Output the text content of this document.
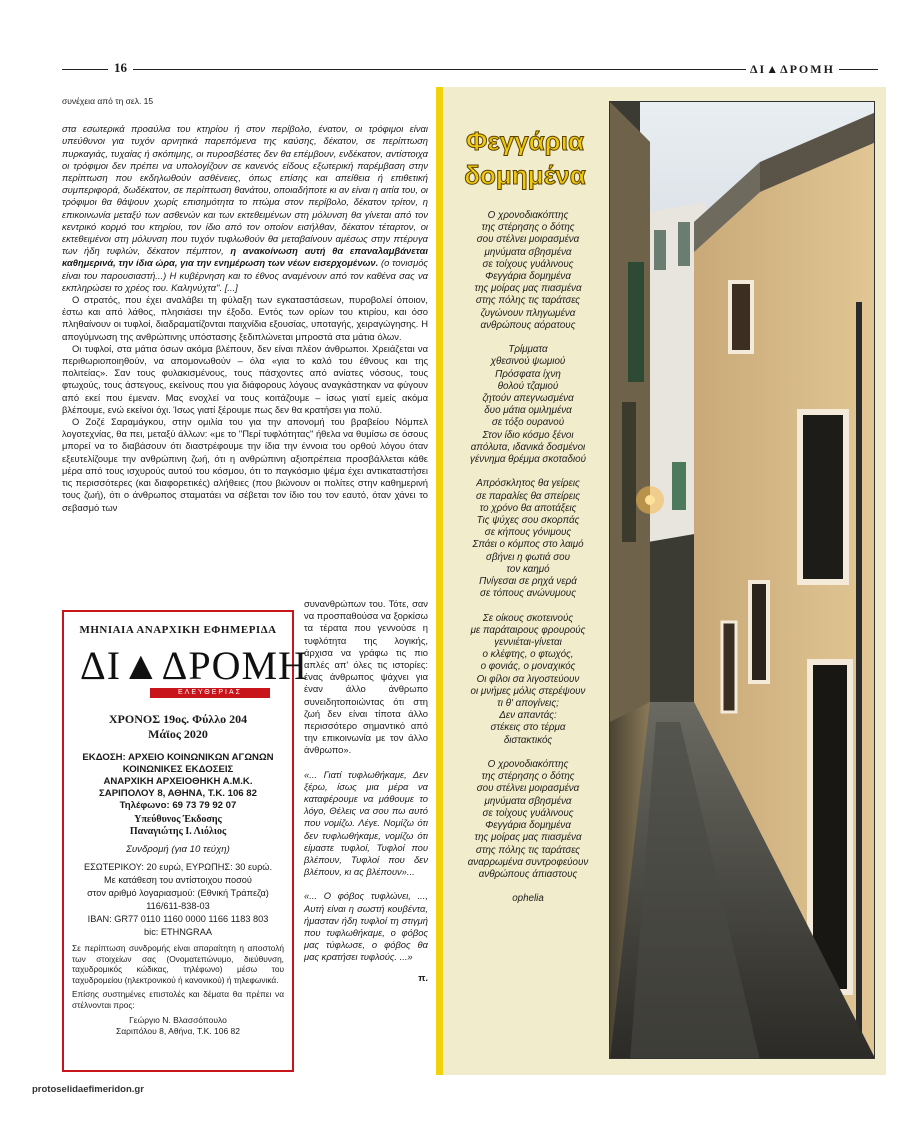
16	ΔΙ▲ΔΡΟΜΗ

συνέχεια από τη σελ. 15

στα εσωτερικά προαύλια του κτηρίου ή στον περίβολο, ένατον, οι τρόφιμοι είναι υπεύθυνοι για τυχόν αρνητικά παρεπόμενα της καύσης, δέκατον, σε περίπτωση πυρκαγιάς, τυχαίας ή σκόπιμης, οι πυροσβέστες δεν θα επέμβουν, ενδέκατον, αντίστοιχα οι τρόφιμοι δεν πρέπει να υπολογίζουν σε κανενός είδους εξωτερική παρέμβαση στην περίπτωση που εκδηλωθούν ασθένειες, όπως επίσης και απείθεια ή επιθετική συμπεριφορά, δωδέκατον, σε περίπτωση θανάτου, οποιαδήποτε κι αν είναι η αιτία του, οι τρόφιμοι θα θάψουν χωρίς επισημότητα το πτώμα στον περίβολο, δέκατον τρίτον, η επικοινωνία μεταξύ των ασθενών και των εκτεθειμένων στη μόλυνση θα γίνεται από τον κεντρικό κορμό του κτηρίου, τον ίδιο από τον οποίον εισήλθαν, δέκατον τέταρτον, οι εκτεθειμένοι στη μόλυνση που τυχόν τυφλωθούν θα μεταβαίνουν αμέσως στην πτέρυγα των ήδη τυφλών, δέκατον πέμπτον, η ανακοίνωση αυτή θα επαναλαμβάνεται καθημερινά, την ίδια ώρα, για την ενημέρωση των νέων εισερχομένων. (ο τονισμός είναι του παρουσιαστή...) Η κυβέρνηση και το έθνος αναμένουν από τον καθένα σας να εκπληρώσει το χρέος του. Καληνύχτα". [...]

Ο στρατός, που έχει αναλάβει τη φύλαξη των εγκαταστάσεων, πυροβολεί όποιον, έστω και από λάθος, πλησιάσει την έξοδο. Εντός των ορίων του κτιρίου, και όσο πληθαίνουν οι τυφλοί, διαδραματίζονται παιχνίδια εξουσίας, υποταγής, χειραγώγησης. Η απογύμνωση της ανθρώπινης υπόστασης ξεδιπλώνεται μπροστά στα μάτια όλων.

Οι τυφλοί, στα μάτια όσων ακόμα βλέπουν, δεν είναι πλέον άνθρωποι. Χρειάζεται να περιθωριοποιηθούν, να απομονωθούν – όλα «για το καλό του έθνους και της πολιτείας». Σαν τους φυλακισμένους, τους πάσχοντες από ανίατες νόσους, τους φτωχούς, τους άστεγους, εκείνους που για διάφορους λόγους αναγκάστηκαν να φύγουν από εκεί που έμεναν. Μας ενοχλεί να τους κοιτάζουμε – ίσως γιατί εμείς ακόμα βλέπουμε, ενώ εκείνοι όχι. Ίσως γιατί ξέρουμε πως δεν θα κρατήσει για πολύ.

Ο Ζοζέ Σαραμάγκου, στην ομιλία του για την απονομή του βραβείου Νόμπελ λογοτεχνίας, θα πει, μεταξύ άλλων: «με το "Περί τυφλότητας" ήθελα να θυμίσω σε όσους μπορεί να το διαβάσουν ότι διαστρέφουμε την ίδια την έννοια του ορθού λόγου όταν εξευτελίζουμε την ανθρώπινη ζωή, ότι η ανθρώπινη αξιοπρέπεια προσβάλλεται κάθε μέρα από τους ισχυρούς αυτού του κόσμου, ότι το παγκόσμιο ψέμα έχει αντικαταστήσει τις περισσότερες (και διαφορετικές) αλήθειες (που βιώνουν οι πολίτες στην καθημερινή τους ζωή), ότι ο άνθρωπος σταματάει να σέβεται τον ίδιο του τον εαυτό, όταν χάνει το σεβασμό των

συνανθρώπων του. Τότε, σαν να προσπαθούσα να ξορκίσω τα τέρατα που γεννούσε η τυφλότητα της λογικής, άρχισα να γράφω τις πιο απλές απ' όλες τις ιστορίες: ένας άνθρωπος ψάχνει για έναν άλλο άνθρωπο συνειδητοποιώντας ότι στη ζωή δεν είναι τίποτα άλλο περισσότερο σημαντικό από την επικοινωνία με τον άλλο άνθρωπο».

«... Γιατί τυφλωθήκαμε, Δεν ξέρω, ίσως μια μέρα να καταφέρουμε να μάθουμε το λόγο, Θέλεις να σου πω αυτό που νομίζω. Λέγε. Νομίζω ότι δεν τυφλωθήκαμε, νομίζω ότι είμαστε τυφλοί, Τυφλοί που βλέπουν, Τυφλοί που δεν βλέπουν, κι ας βλέπουν»...

«... Ο φόβος τυφλώνει, ..., Αυτή είναι η σωστή κουβέντα, ήμασταν ήδη τυφλοί τη στιγμή που τυφλωθήκαμε, ο φόβος μας τύφλωσε, ο φόβος θα μας κρατήσει τυφλούς. ...»

π.

ΜΗΝΙΑΙΑ ΑΝΑΡΧΙΚΗ ΕΦΗΜΕΡΙΔΑ
ΔΙ▲ΔΡΟΜΗ
ΕΛΕΥΘΕΡΙΑΣ
ΧΡΟΝΟΣ 19ος. Φύλλο 204
Μάϊος 2020
ΕΚΔΟΣΗ: ΑΡΧΕΙΟ ΚΟΙΝΩΝΙΚΩΝ ΑΓΩΝΩΝ
ΚΟΙΝΩΝΙΚΕΣ ΕΚΔΟΣΕΙΣ
ΑΝΑΡΧΙΚΗ ΑΡΧΕΙΟΘΗΚΗ Α.Μ.Κ.
ΣΑΡΙΠΟΛΟΥ 8, ΑΘΗΝΑ, Τ.Κ. 106 82
Τηλέφωνο: 69 73 79 92 07
Υπεύθυνος Έκδοσης
Παναγιώτης Ι. Λιόλιος
Συνδρομή (για 10 τεύχη)
ΕΣΩΤΕΡΙΚΟΥ: 20 ευρώ, ΕΥΡΩΠΗΣ: 30 ευρώ.
Με κατάθεση του αντίστοιχου ποσού
στον αριθμό λογαριασμού: (Εθνική Τράπεζα)
116/611-838-03
IBAN: GR77 0110 1160 0000 1166 1183 803
bic: ETHNGRAA
Σε περίπτωση συνδρομής είναι απαραίτητη η αποστολή των στοιχείων σας (Ονοματεπώνυμο, διεύθυνση, ταχυδρομικός κώδικας, τηλέφωνο) μέσω του ταχυδρομείου (ηλεκτρονικού ή κανονικού) ή τηλεφωνικά.
Επίσης συστημένες επιστολές και δέματα θα πρέπει να στέλνονται προς:
Γεώργιο Ν. Βλασσόπουλο
Σαριπόλου 8, Αθήνα, Τ.Κ. 106 82
protoselidaefimeridon.gr
Φεγγάρια
δομημένα
Ο χρονοδιακόπτης
της στέρησης ο δότης
σου στέλνει μοιρασμένα
μηνύματα σβησμένα
σε τοίχους γυάλινους
Φεγγάρια δομημένα
της μοίρας μας πιασμένα
στης πόλης τις ταράτσες
ζυγώνουν πληγωμένα
ανθρώπους αόρατους
Τρίμματα
χθεσινού ψωμιού
Πρόσφατα ίχνη
θολού τζαμιού
ζητούν απεγνωσμένα
δυο μάτια ομιλημένα
σε τόξο ουρανού
Στον ίδιο κόσμο ξένοι
απόλυτα, ιδανικά δοσμένοι
γέννημα θρέμμα σκοταδιού
Απρόσκλητος θα γείρεις
σε παραλίες θα σπείρεις
το χρόνο θα αποτάξεις
Τις ψύχες σου σκορπάς
σε κήπους γόνιμους
Σπάει ο κόμπος στο λαιμό
σβήνει η φωτιά σου
τον καημό
Πνίγεσαι σε ρηχά νερά
σε τόπους ανώνυμους
Σε οίκους σκοτεινούς
με παράταιρους φρουρούς
γεννιέται-γίνεται
ο κλέφτης, ο φτωχός,
ο φονιάς, ο μοναχικός
Οι φίλοι σα λιγοστεύουν
οι μνήμες μόλις στερέψουν
τι θ' απογίνεις;
Δεν απαντάς:
στέκεις στο τέρμα
διστακτικός
Ο χρονοδιακόπτης
της στέρησης ο δότης
σου στέλνει μοιρασμένα
μηνύματα σβησμένα
σε τοίχους γυάλινους
Φεγγάρια δομημένα
της μοίρας μας πιασμένα
στης πόλης τις ταράτσες
αναρρωμένα συντροφεύουν
ανθρώπους άπιαστους
ophelia
